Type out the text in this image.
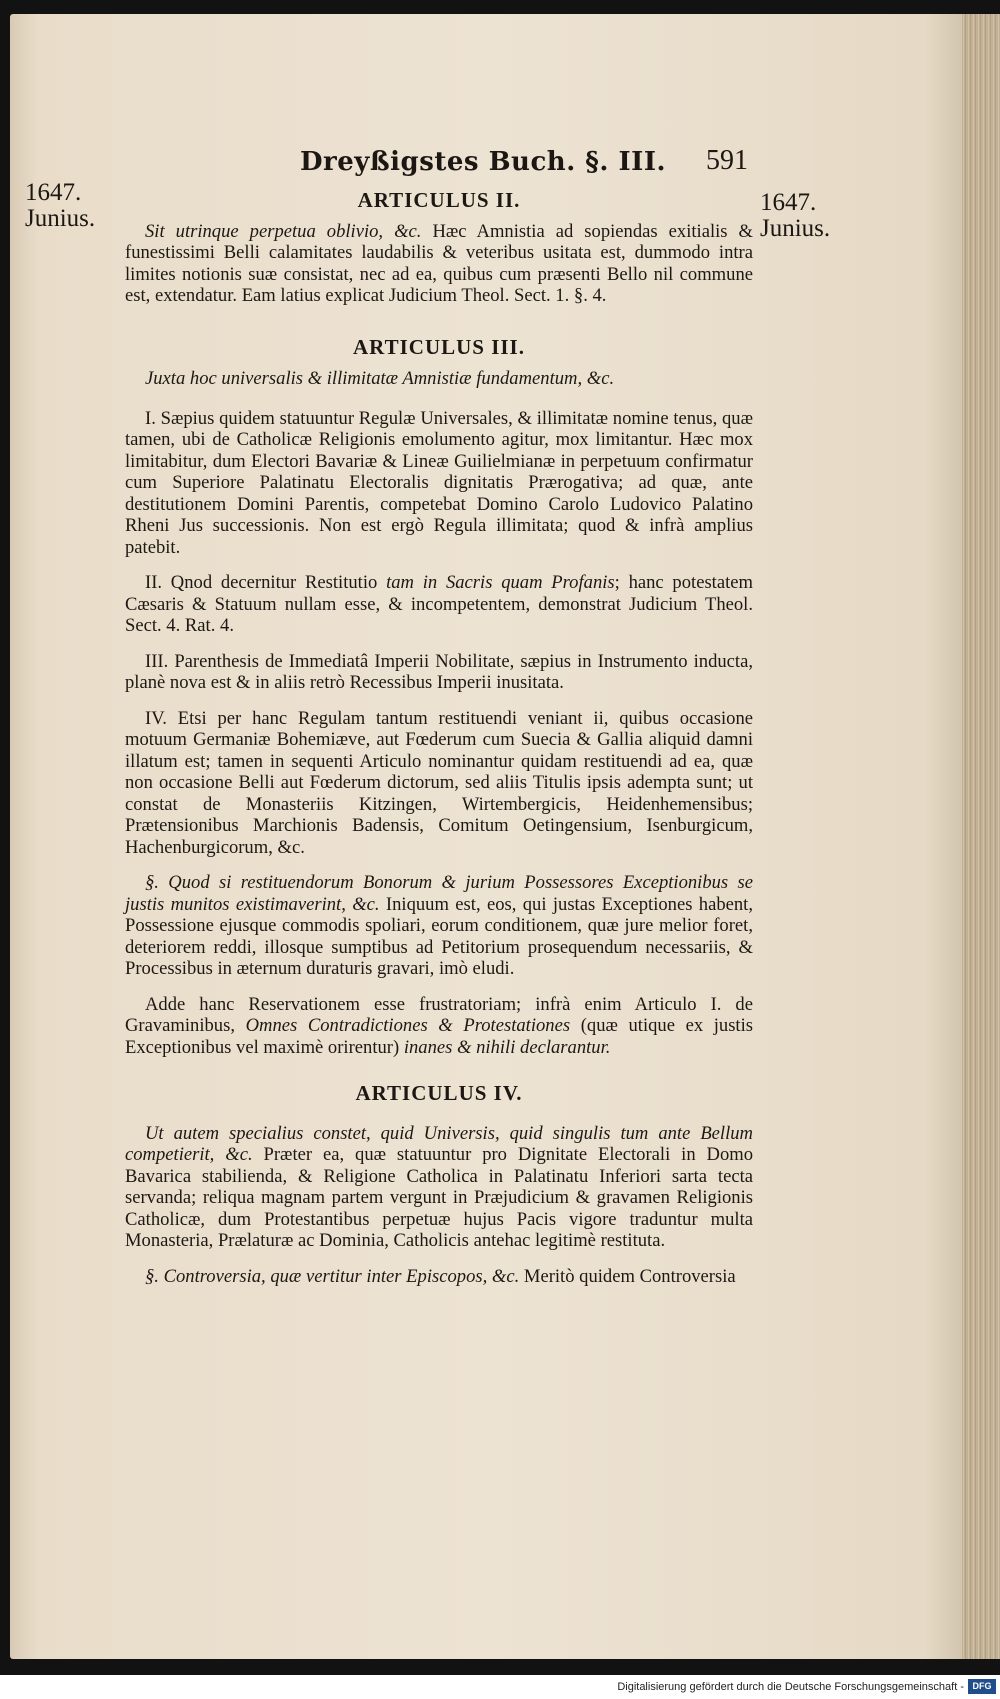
Dreyßigstes Buch. §. III. 591
1647.
Junius.
1647.
Junius.
ARTICULUS II.

Sit utrinque perpetua oblivio, &c. Hæc Amnistia ad sopiendas exitialis & funestissimi Belli calamitates laudabilis & veteribus usitata est, dummodo intra limites notionis suæ consistat, nec ad ea, quibus cum præsenti Bello nil commune est, extendatur. Eam latius explicat Judicium Theol. Sect. 1. §. 4.

ARTICULUS III.

Juxta hoc universalis & illimitatæ Amnistiæ fundamentum, &c.

I. Sæpius quidem statuuntur Regulæ Universales, & illimitatæ nomine tenus, quæ tamen, ubi de Catholicæ Religionis emolumento agitur, mox limitantur. Hæc mox limitabitur, dum Electori Bavariæ & Lineæ Guilielmianæ in perpetuum confirmatur cum Superiore Palatinatu Electoralis dignitatis Prærogativa; ad quæ, ante destitutionem Domini Parentis, competebat Domino Carolo Ludovico Palatino Rheni Jus successionis. Non est ergò Regula illimitata; quod & infrà amplius patebit.

II. Qnod decernitur Restitutio tam in Sacris quam Profanis; hanc potestatem Cæsaris & Statuum nullam esse, & incompetentem, demonstrat Judicium Theol. Sect. 4. Rat. 4.

III. Parenthesis de Immediatâ Imperii Nobilitate, sæpius in Instrumento inducta, planè nova est & in aliis retrò Recessibus Imperii inusitata.

IV. Etsi per hanc Regulam tantum restituendi veniant ii, quibus occasione motuum Germaniæ Bohemiæve, aut Fœderum cum Suecia & Gallia aliquid damni illatum est; tamen in sequenti Articulo nominantur quidam restituendi ad ea, quæ non occasione Belli aut Fœderum dictorum, sed aliis Titulis ipsis adempta sunt; ut constat de Monasteriis Kitzingen, Wirtembergicis, Heidenhemensibus; Prætensionibus Marchionis Badensis, Comitum Oetingensium, Isenburgicum, Hachenburgicorum, &c.

§. Quod si restituendorum Bonorum & jurium Possessores Exceptionibus se justis munitos existimaverint, &c. Iniquum est, eos, qui justas Exceptiones habent, Possessione ejusque commodis spoliari, eorum conditionem, quæ jure melior foret, deteriorem reddi, illosque sumptibus ad Petitorium prosequendum necessariis, & Processibus in æternum duraturis gravari, imò eludi.

Adde hanc Reservationem esse frustratoriam; infrà enim Articulo I. de Gravaminibus, Omnes Contradictiones & Protestationes (quæ utique ex justis Exceptionibus vel maximè orirentur) inanes & nihili declarantur.

ARTICULUS IV.

Ut autem specialius constet, quid Universis, quid singulis tum ante Bellum competierit, &c. Præter ea, quæ statuuntur pro Dignitate Electorali in Domo Bavarica stabilienda, & Religione Catholica in Palatinatu Inferiori sarta tecta servanda; reliqua magnam partem vergunt in Præjudicium & gravamen Religionis Catholicæ, dum Protestantibus perpetuæ hujus Pacis vigore traduntur multa Monasteria, Prælaturæ ac Dominia, Catholicis antehac legitimè restituta.

§. Controversia, quæ vertitur inter Episcopos, &c. Meritò quidem Controversia

Digitalisierung gefördert durch die Deutsche Forschungsgemeinschaft - DFG
